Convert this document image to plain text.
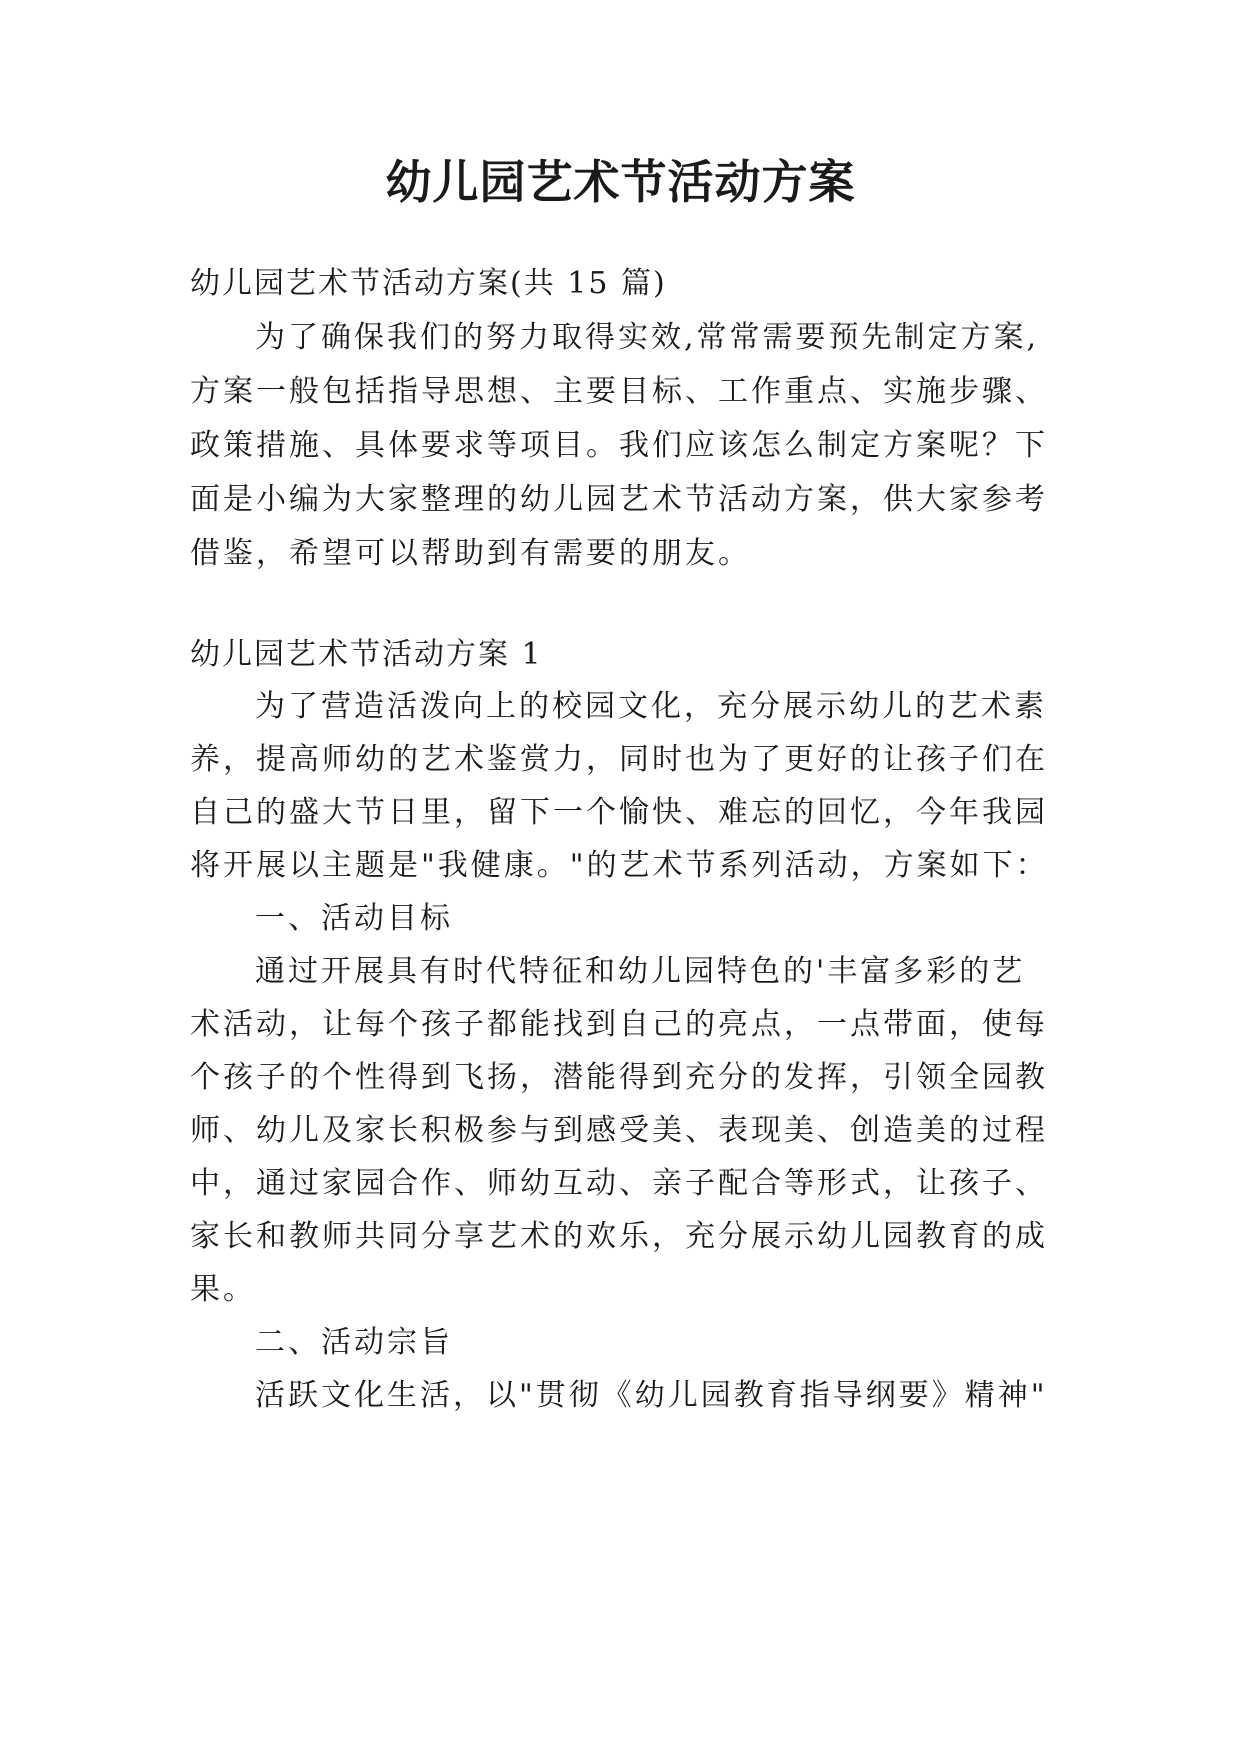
幼儿园艺术节活动方案

幼儿园艺术节活动方案(共 15 篇)

为了确保我们的努力取得实效,常常需要预先制定方案,

方案一般包括指导思想、主要目标、工作重点、实施步骤、

政策措施、具体要求等项目。我们应该怎么制定方案呢？下

面是小编为大家整理的幼儿园艺术节活动方案，供大家参考

借鉴，希望可以帮助到有需要的朋友。

幼儿园艺术节活动方案 1

为了营造活泼向上的校园文化，充分展示幼儿的艺术素

养，提高师幼的艺术鉴赏力，同时也为了更好的让孩子们在

自己的盛大节日里，留下一个愉快、难忘的回忆，今年我园

将开展以主题是"我健康。"的艺术节系列活动，方案如下：

一、活动目标

通过开展具有时代特征和幼儿园特色的'丰富多彩的艺

术活动，让每个孩子都能找到自己的亮点，一点带面，使每

个孩子的个性得到飞扬，潜能得到充分的发挥，引领全园教

师、幼儿及家长积极参与到感受美、表现美、创造美的过程

中，通过家园合作、师幼互动、亲子配合等形式，让孩子、

家长和教师共同分享艺术的欢乐，充分展示幼儿园教育的成

果。

二、活动宗旨

活跃文化生活，以"贯彻《幼儿园教育指导纲要》精神"
